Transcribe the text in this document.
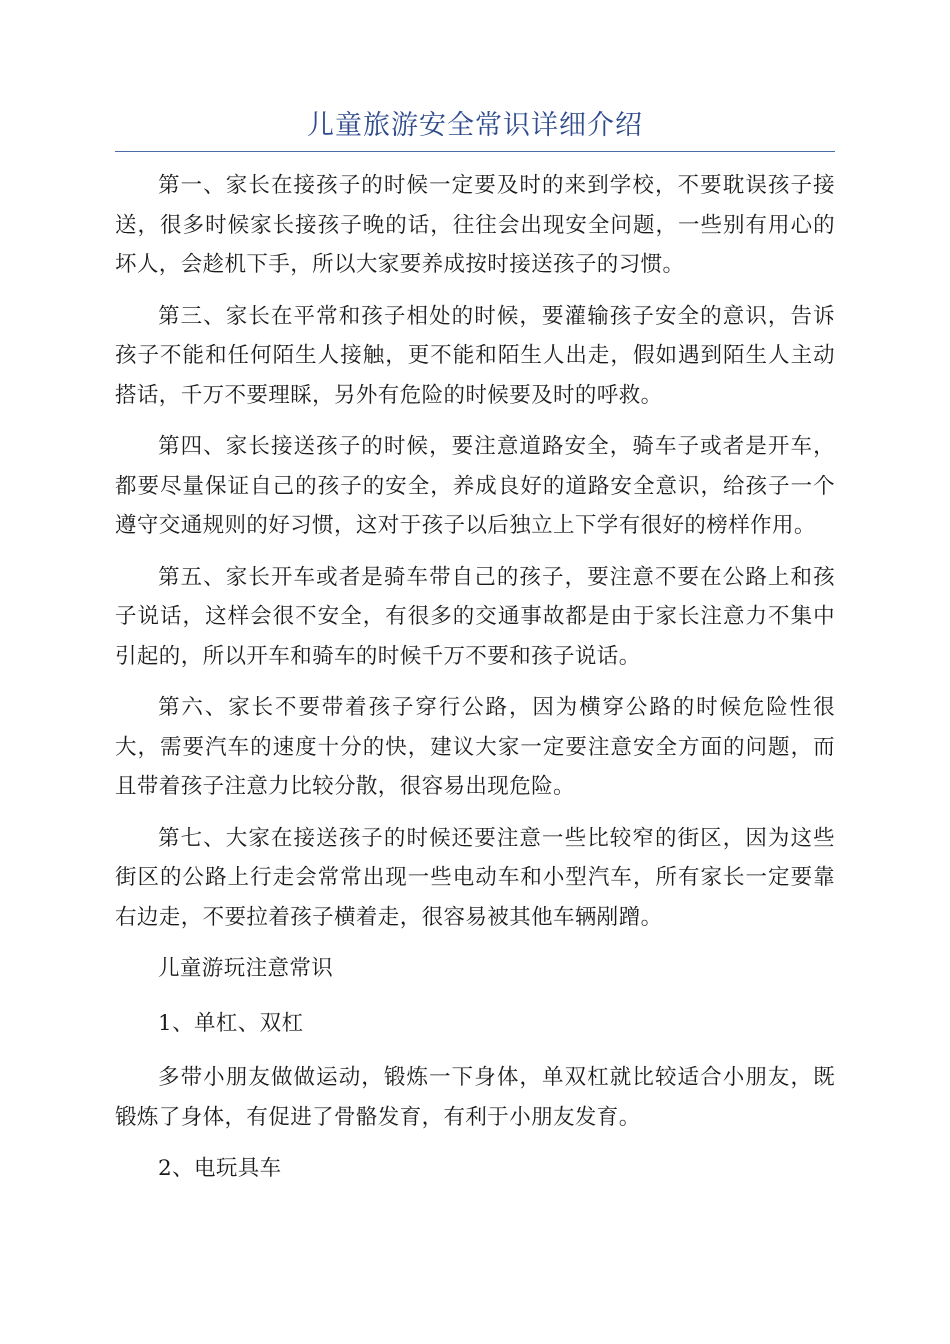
儿童旅游安全常识详细介绍

第一、家长在接孩子的时候一定要及时的来到学校，不要耽误孩子接送，很多时候家长接孩子晚的话，往往会出现安全问题，一些别有用心的坏人，会趁机下手，所以大家要养成按时接送孩子的习惯。

第三、家长在平常和孩子相处的时候，要灌输孩子安全的意识，告诉孩子不能和任何陌生人接触，更不能和陌生人出走，假如遇到陌生人主动搭话，千万不要理睬，另外有危险的时候要及时的呼救。

第四、家长接送孩子的时候，要注意道路安全，骑车子或者是开车，都要尽量保证自己的孩子的安全，养成良好的道路安全意识，给孩子一个遵守交通规则的好习惯，这对于孩子以后独立上下学有很好的榜样作用。

第五、家长开车或者是骑车带自己的孩子，要注意不要在公路上和孩子说话，这样会很不安全，有很多的交通事故都是由于家长注意力不集中引起的，所以开车和骑车的时候千万不要和孩子说话。

第六、家长不要带着孩子穿行公路，因为横穿公路的时候危险性很大，需要汽车的速度十分的快，建议大家一定要注意安全方面的问题，而且带着孩子注意力比较分散，很容易出现危险。

第七、大家在接送孩子的时候还要注意一些比较窄的街区，因为这些街区的公路上行走会常常出现一些电动车和小型汽车，所有家长一定要靠右边走，不要拉着孩子横着走，很容易被其他车辆剐蹭。

儿童游玩注意常识

1、单杠、双杠

多带小朋友做做运动，锻炼一下身体，单双杠就比较适合小朋友，既锻炼了身体，有促进了骨骼发育，有利于小朋友发育。

2、电玩具车
